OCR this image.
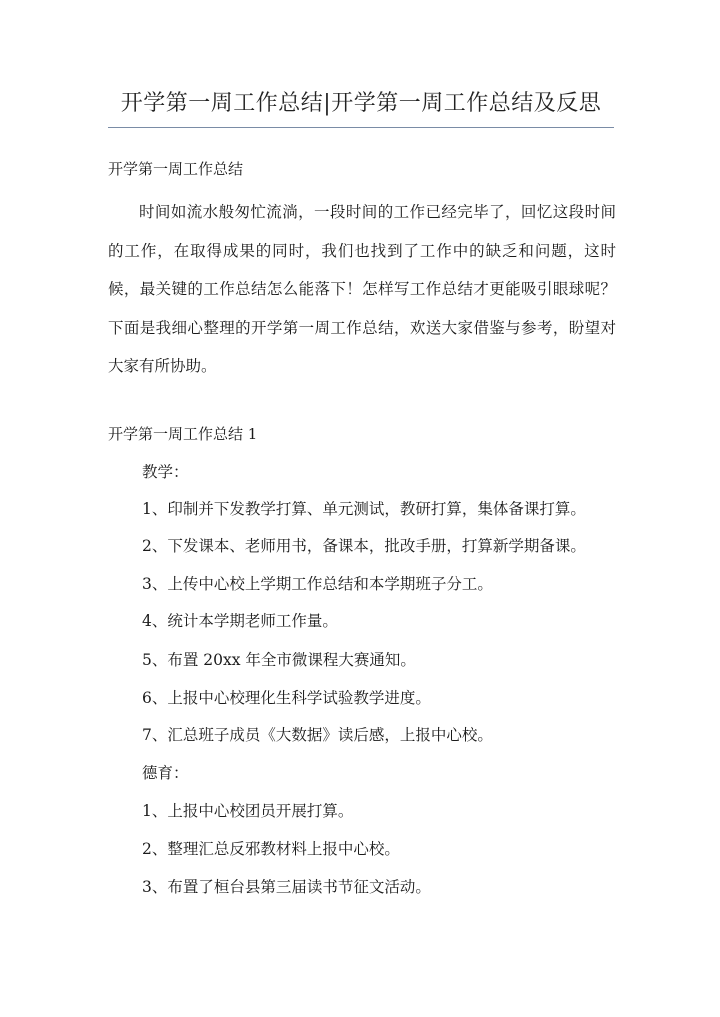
开学第一周工作总结|开学第一周工作总结及反思
开学第一周工作总结

时间如流水般匆忙流淌，一段时间的工作已经完毕了，回忆这段时间的工作，在取得成果的同时，我们也找到了工作中的缺乏和问题，这时候，最关键的工作总结怎么能落下！怎样写工作总结才更能吸引眼球呢？下面是我细心整理的开学第一周工作总结，欢送大家借鉴与参考，盼望对大家有所协助。

开学第一周工作总结 1
教学：
1、印制并下发教学打算、单元测试，教研打算，集体备课打算。
2、下发课本、老师用书，备课本，批改手册，打算新学期备课。
3、上传中心校上学期工作总结和本学期班子分工。
4、统计本学期老师工作量。
5、布置 20xx 年全市微课程大赛通知。
6、上报中心校理化生科学试验教学进度。
7、汇总班子成员《大数据》读后感，上报中心校。
德育：
1、上报中心校团员开展打算。
2、整理汇总反邪教材料上报中心校。
3、布置了桓台县第三届读书节征文活动。
